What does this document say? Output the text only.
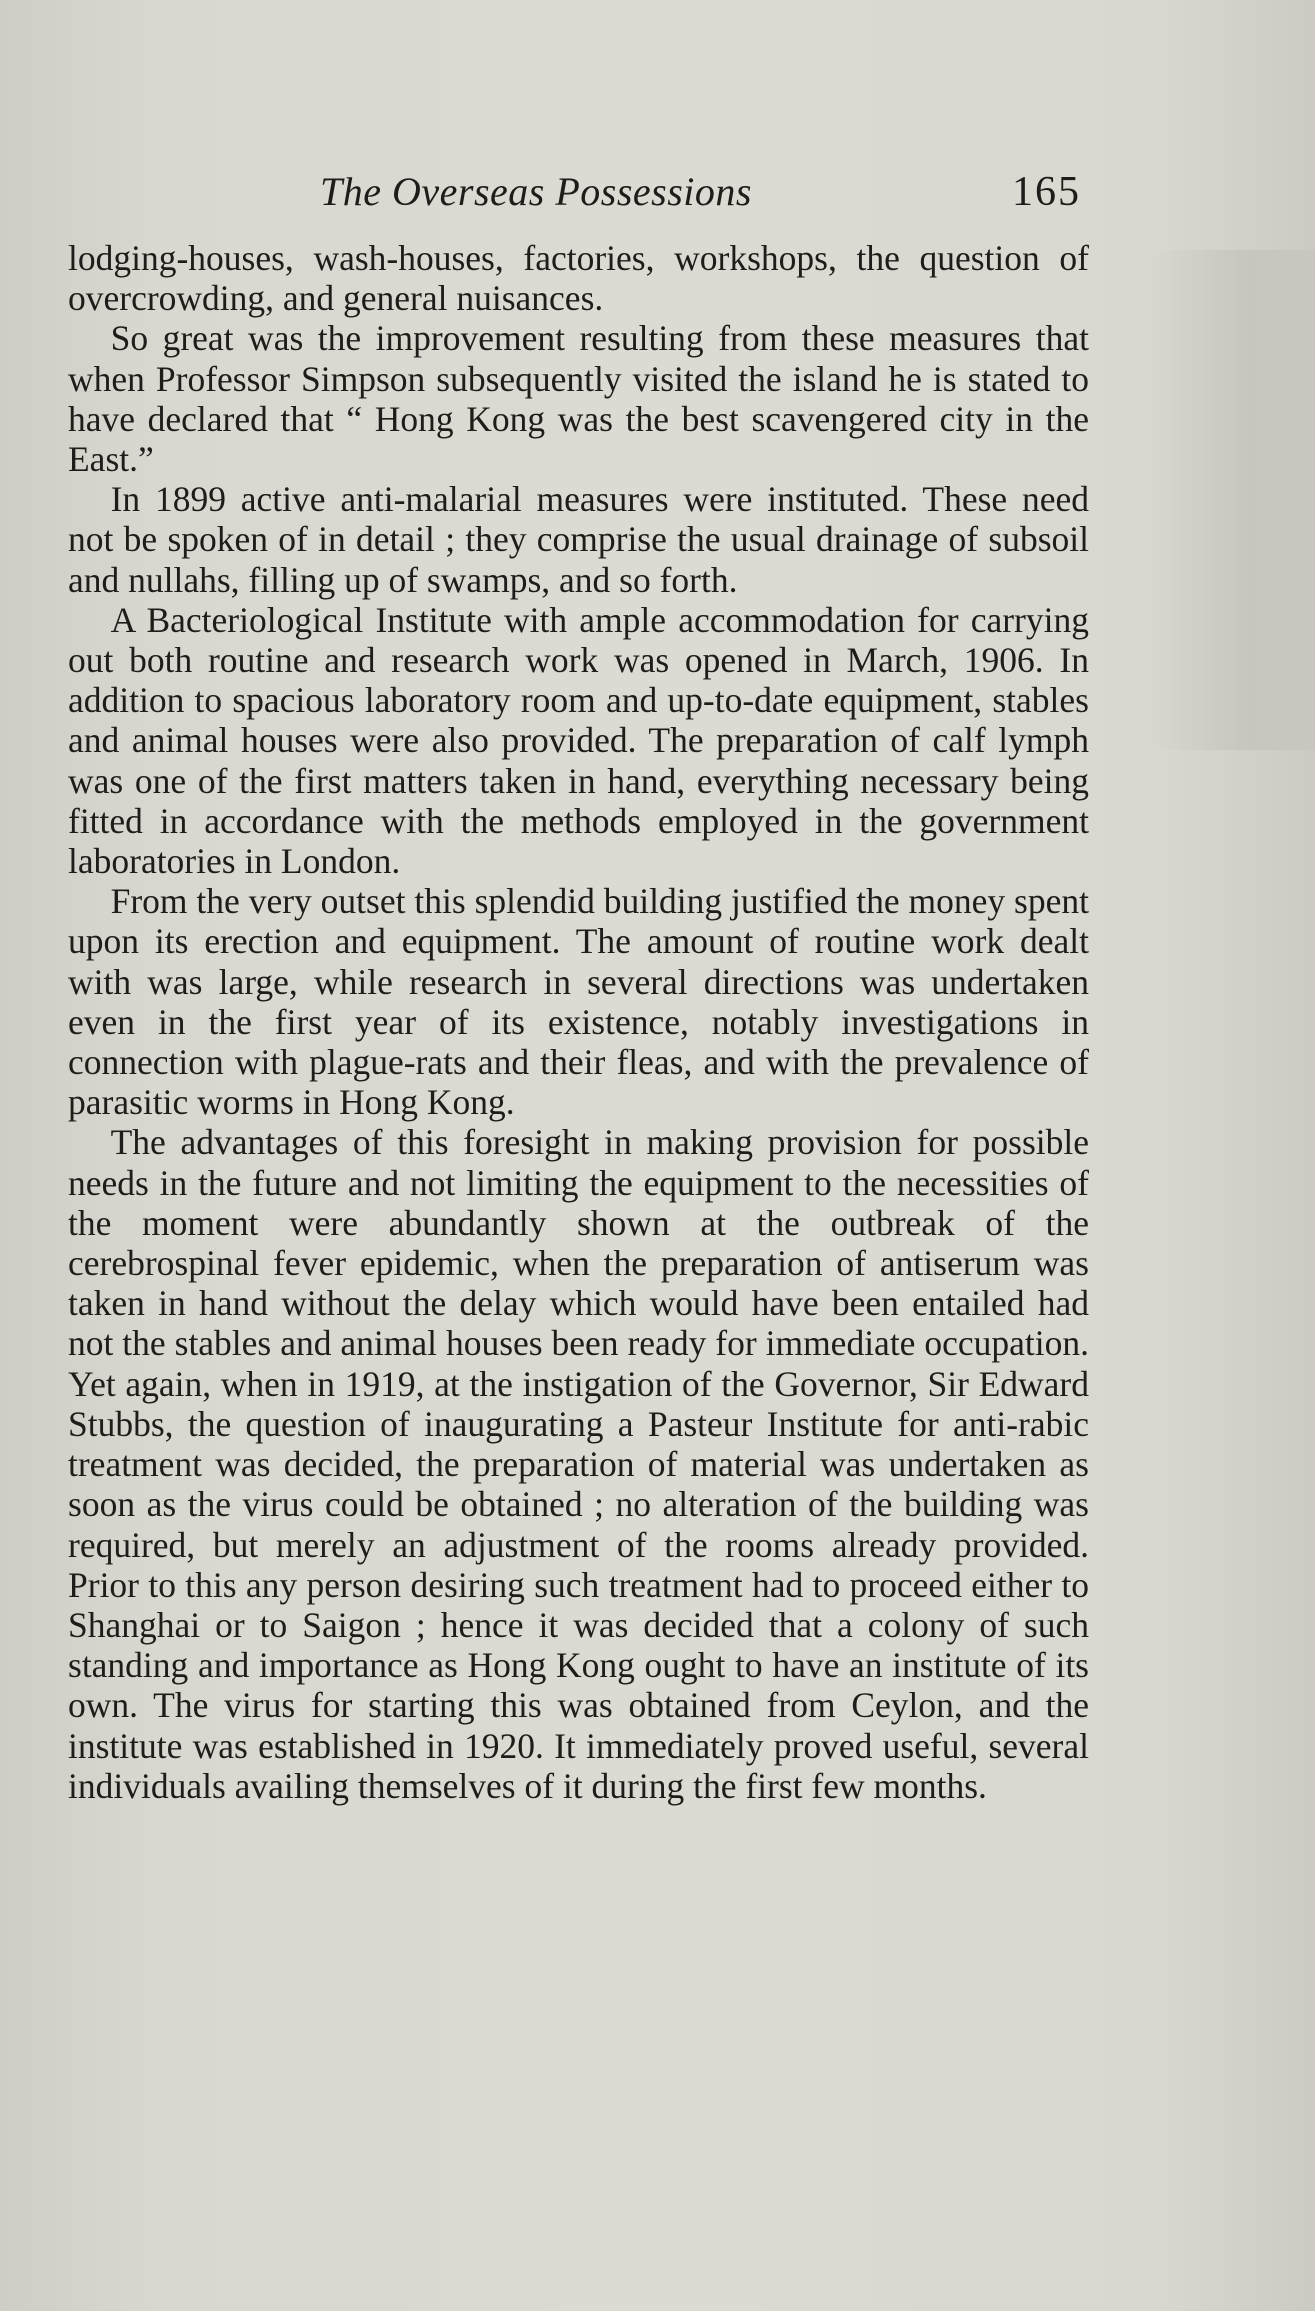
The Overseas Possessions	165

lodging-houses, wash-houses, factories, workshops, the question of overcrowding, and general nuisances.

So great was the improvement resulting from these measures that when Professor Simpson subsequently visited the island he is stated to have declared that “ Hong Kong was the best scavengered city in the East.”

In 1899 active anti-malarial measures were instituted. These need not be spoken of in detail ; they comprise the usual drainage of subsoil and nullahs, filling up of swamps, and so forth.

A Bacteriological Institute with ample accommodation for carrying out both routine and research work was opened in March, 1906. In addition to spacious laboratory room and up-to-date equipment, stables and animal houses were also provided. The preparation of calf lymph was one of the first matters taken in hand, everything necessary being fitted in accordance with the methods employed in the government laboratories in London.

From the very outset this splendid building justified the money spent upon its erection and equipment. The amount of routine work dealt with was large, while research in several directions was undertaken even in the first year of its existence, notably investigations in connection with plague-rats and their fleas, and with the prevalence of parasitic worms in Hong Kong.

The advantages of this foresight in making provision for possible needs in the future and not limiting the equipment to the necessities of the moment were abundantly shown at the outbreak of the cerebrospinal fever epidemic, when the preparation of antiserum was taken in hand without the delay which would have been entailed had not the stables and animal houses been ready for immediate occupation. Yet again, when in 1919, at the instigation of the Governor, Sir Edward Stubbs, the question of inaugurating a Pasteur Institute for anti-rabic treatment was decided, the preparation of material was undertaken as soon as the virus could be obtained ; no alteration of the building was required, but merely an adjustment of the rooms already provided. Prior to this any person desiring such treatment had to proceed either to Shanghai or to Saigon ; hence it was decided that a colony of such standing and importance as Hong Kong ought to have an institute of its own. The virus for starting this was obtained from Ceylon, and the institute was established in 1920. It immediately proved useful, several individuals availing themselves of it during the first few months.
